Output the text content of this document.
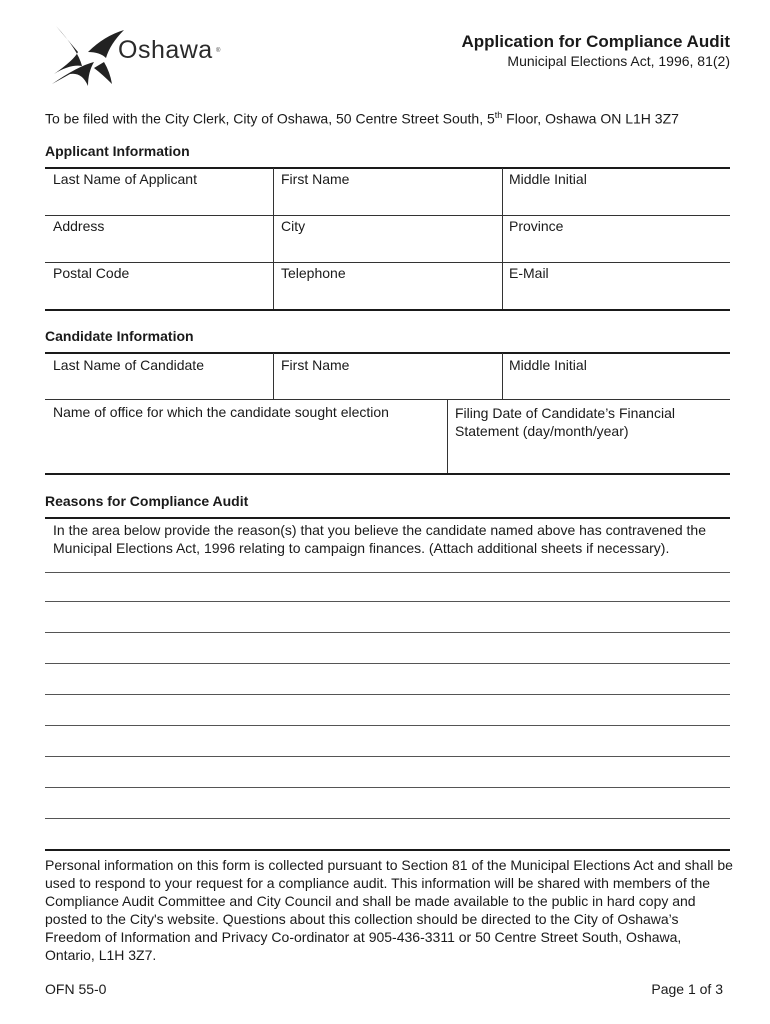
Oshawa ®	Application for Compliance Audit
Municipal Elections Act, 1996, 81(2)
To be filed with the City Clerk, City of Oshawa, 50 Centre Street South, 5th Floor, Oshawa ON L1H 3Z7
Applicant Information
Last Name of Applicant	First Name	Middle Initial
Address	City	Province
Postal Code	Telephone	E-Mail
Candidate Information
Last Name of Candidate	First Name	Middle Initial
Name of office for which the candidate sought election	Filing Date of Candidate’s Financial Statement (day/month/year)
Reasons for Compliance Audit
In the area below provide the reason(s) that you believe the candidate named above has contravened the Municipal Elections Act, 1996 relating to campaign finances. (Attach additional sheets if necessary).
Personal information on this form is collected pursuant to Section 81 of the Municipal Elections Act and shall be used to respond to your request for a compliance audit. This information will be shared with members of the Compliance Audit Committee and City Council and shall be made available to the public in hard copy and posted to the City's website. Questions about this collection should be directed to the City of Oshawa’s Freedom of Information and Privacy Co-ordinator at 905-436-3311 or 50 Centre Street South, Oshawa, Ontario, L1H 3Z7.
OFN 55-0	Page 1 of 3
